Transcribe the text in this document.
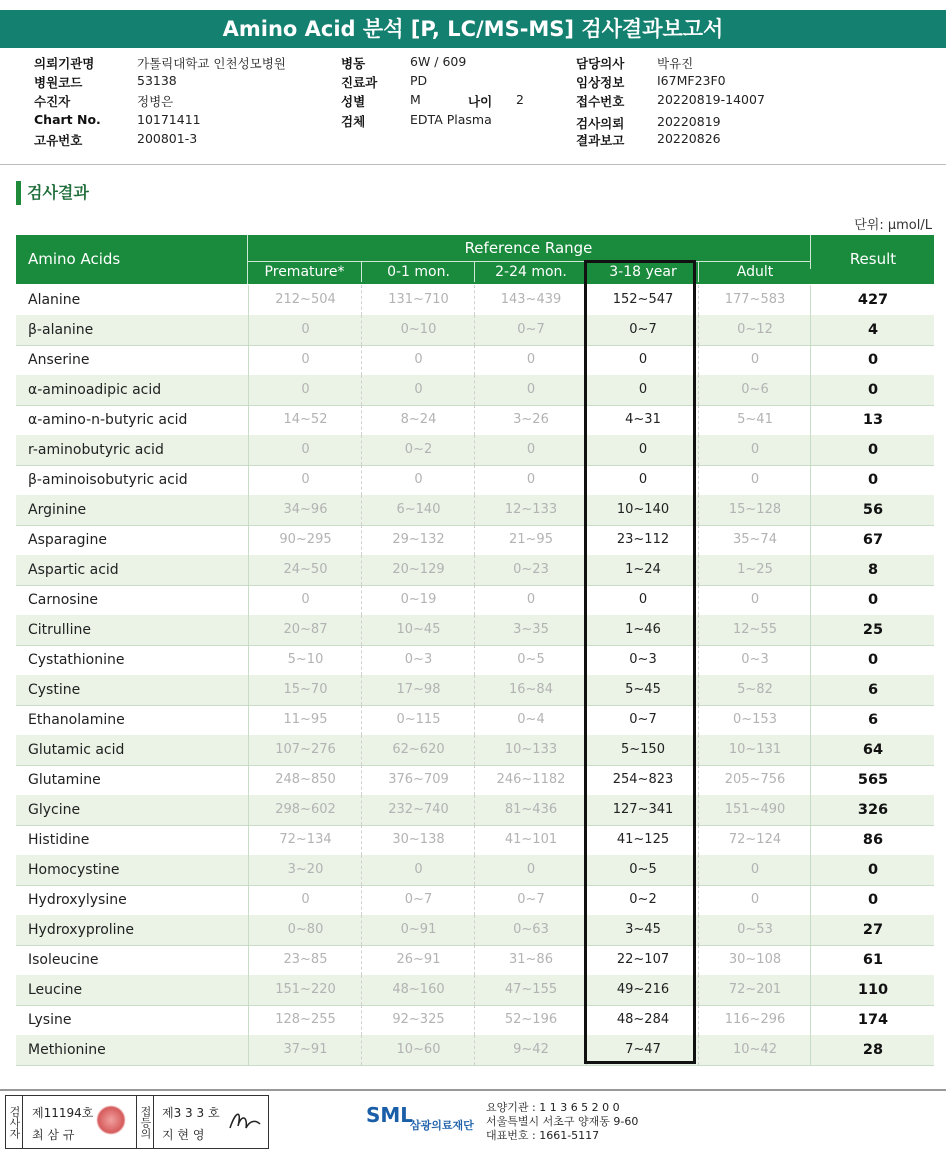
Amino Acid 분석 [P, LC/MS-MS] 검사결과보고서
의뢰기관명	가톨릭대학교 인천성모병원
병원코드	53138
수진자	정병은
Chart No.	10171411
고유번호	200801-3
병동	6W / 609
진료과	PD
성별	M
검체	EDTA Plasma
나이 2
담당의사	박유진
임상정보	I67MF23F0
접수번호	20220819-14007
검사의뢰	20220819
결과보고	20220826
검사결과
단위: μmol/L
Amino Acids
Reference Range
Premature*	0-1 mon.	2-24 mon.	3-18 year	Adult
Result
Alanine	212~504	131~710	143~439	152~547	177~583	427
β-alanine	0	0~10	0~7	0~7	0~12	4
Anserine	0	0	0	0	0	0
α-aminoadipic acid	0	0	0	0	0~6	0
α-amino-n-butyric acid	14~52	8~24	3~26	4~31	5~41	13
r-aminobutyric acid	0	0~2	0	0	0	0
β-aminoisobutyric acid	0	0	0	0	0	0
Arginine	34~96	6~140	12~133	10~140	15~128	56
Asparagine	90~295	29~132	21~95	23~112	35~74	67
Aspartic acid	24~50	20~129	0~23	1~24	1~25	8
Carnosine	0	0~19	0	0	0	0
Citrulline	20~87	10~45	3~35	1~46	12~55	25
Cystathionine	5~10	0~3	0~5	0~3	0~3	0
Cystine	15~70	17~98	16~84	5~45	5~82	6
Ethanolamine	11~95	0~115	0~4	0~7	0~153	6
Glutamic acid	107~276	62~620	10~133	5~150	10~131	64
Glutamine	248~850	376~709	246~1182	254~823	205~756	565
Glycine	298~602	232~740	81~436	127~341	151~490	326
Histidine	72~134	30~138	41~101	41~125	72~124	86
Homocystine	3~20	0	0	0~5	0	0
Hydroxylysine	0	0~7	0~7	0~2	0	0
Hydroxyproline	0~80	0~91	0~63	3~45	0~53	27
Isoleucine	23~85	26~91	31~86	22~107	30~108	61
Leucine	151~220	48~160	47~155	49~216	72~201	110
Lysine	128~255	92~325	52~196	48~284	116~296	174
Methionine	37~91	10~60	9~42	7~47	10~42	28
검사자 제11194호
최 삼 규	접등의 제3 3 3 호
지 현 영
SML
삼광의료재단
요양기관 : 1 1 3 6 5 2 0 0
서울특별시 서초구 양재동 9-60
대표번호 : 1661-5117
